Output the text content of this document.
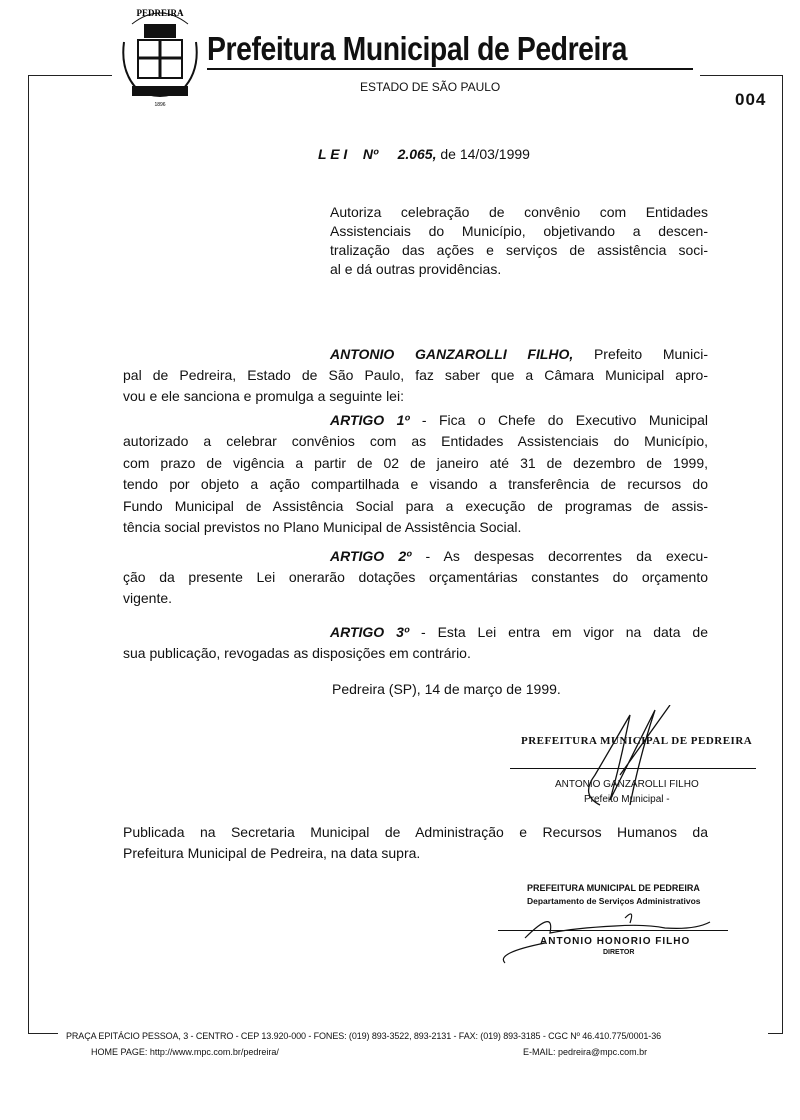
PEDREIRA
1896
Prefeitura Municipal de Pedreira
ESTADO DE SÃO PAULO
004
L E I Nº 2.065, de 14/03/1999
Autoriza celebração de convênio com Entidades
Assistenciais do Município, objetivando a descen-
tralização das ações e serviços de assistência soci-
al e dá outras providências.
ANTONIO GANZAROLLI FILHO, Prefeito Munici-
pal de Pedreira, Estado de São Paulo, faz saber que a Câmara Municipal apro-
vou e ele sanciona e promulga a seguinte lei:
ARTIGO 1º - Fica o Chefe do Executivo Municipal
autorizado a celebrar convênios com as Entidades Assistenciais do Município,
com prazo de vigência a partir de 02 de janeiro até 31 de dezembro de 1999,
tendo por objeto a ação compartilhada e visando a transferência de recursos do
Fundo Municipal de Assistência Social para a execução de programas de assis-
tência social previstos no Plano Municipal de Assistência Social.
ARTIGO 2º - As despesas decorrentes da execu-
ção da presente Lei onerarão dotações orçamentárias constantes do orçamento
vigente.
ARTIGO 3º - Esta Lei entra em vigor na data de
sua publicação, revogadas as disposições em contrário.
Pedreira (SP), 14 de março de 1999.
PREFEITURA MUNICIPAL DE PEDREIRA
ANTONIO GANZAROLLI FILHO
Prefeito Municipal -
Publicada na Secretaria Municipal de Administração e Recursos Humanos da
Prefeitura Municipal de Pedreira, na data supra.
PREFEITURA MUNICIPAL DE PEDREIRA
Departamento de Serviços Administrativos
ANTONIO HONORIO FILHO
DIRETOR
PRAÇA EPITÁCIO PESSOA, 3 - CENTRO - CEP 13.920-000 - FONES: (019) 893-3522, 893-2131 - FAX: (019) 893-3185 - CGC Nº 46.410.775/0001-36
HOME PAGE: http://www.mpc.com.br/pedreira/	E-MAIL: pedreira@mpc.com.br
